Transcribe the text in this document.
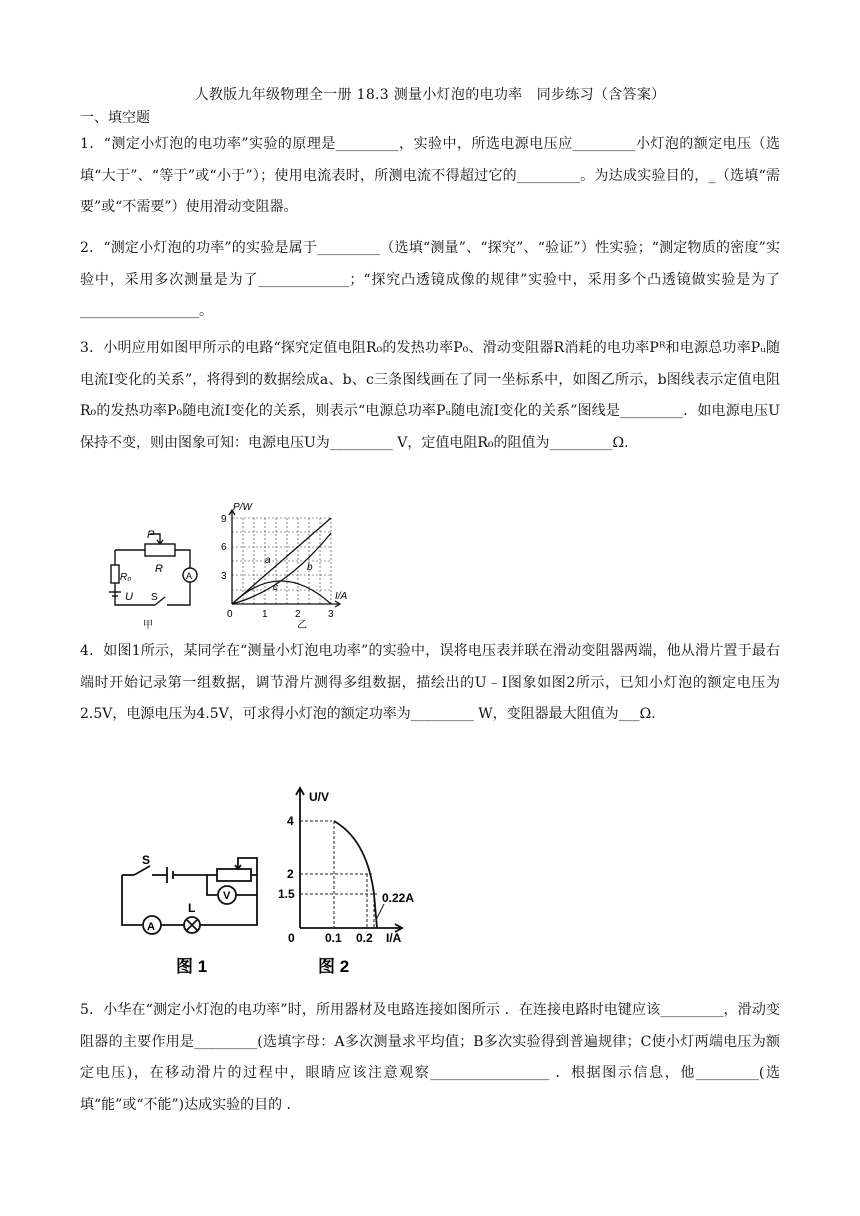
人教版九年级物理全一册 18.3 测量小灯泡的电功率　同步练习（含答案）
一、填空题
1．“测定小灯泡的电功率”实验的原理是_________，实验中，所选电源电压应_________小灯泡的额定电压（选填“大于”、“等于”或“小于”）；使用电流表时，所测电流不得超过它的_________。为达成实验目的，_（选填“需要”或“不需要”）使用滑动变阻器。
2．“测定小灯泡的功率”的实验是属于_________（选填“测量”、“探究”、“验证”）性实验；“测定物质的密度”实验中，采用多次测量是为了_____________；“探究凸透镜成像的规律”实验中，采用多个凸透镜做实验是为了_________________。
3．小明应用如图甲所示的电路“探究定值电阻R₀的发热功率P₀、滑动变阻器R消耗的电功率Pᴿ和电源总功率Pᵤ随电流I变化的关系”，将得到的数据绘成a、b、c三条图线画在了同一坐标系中，如图乙所示，b图线表示定值电阻R₀的发热功率P₀随电流I变化的关系，则表示“电源总功率Pᵤ随电流I变化的关系”图线是_________．如电源电压U保持不变，则由图象可知：电源电压U为_________ V，定值电阻R₀的阻值为_________Ω.
P
R
R₀
U S
A
甲
P/W
I/A
3
6
9
0	1	2	3
a
b
c
乙
4．如图1所示，某同学在“测量小灯泡电功率”的实验中，误将电压表并联在滑动变阻器两端，他从滑片置于最右端时开始记录第一组数据，调节滑片测得多组数据，描绘出的U﹣I图象如图2所示，已知小灯泡的额定电压为2.5V，电源电压为4.5V，可求得小灯泡的额定功率为_________ W，变阻器最大阻值为___Ω.
S
L
A
V
图 1
U/V
I/A
4
2
1.5
0	0.1 0.2
0.22A
图 2
5．小华在“测定小灯泡的电功率”时，所用器材及电路连接如图所示 ．在连接电路时电键应该_________，滑动变阻器的主要作用是_________(选填字母：A多次测量求平均值；B多次实验得到普遍规律；C使小灯两端电压为额定电压)，在移动滑片的过程中，眼睛应该注意观察_________________ ．根据图示信息，他_________(选填“能”或“不能”)达成实验的目的 ．
